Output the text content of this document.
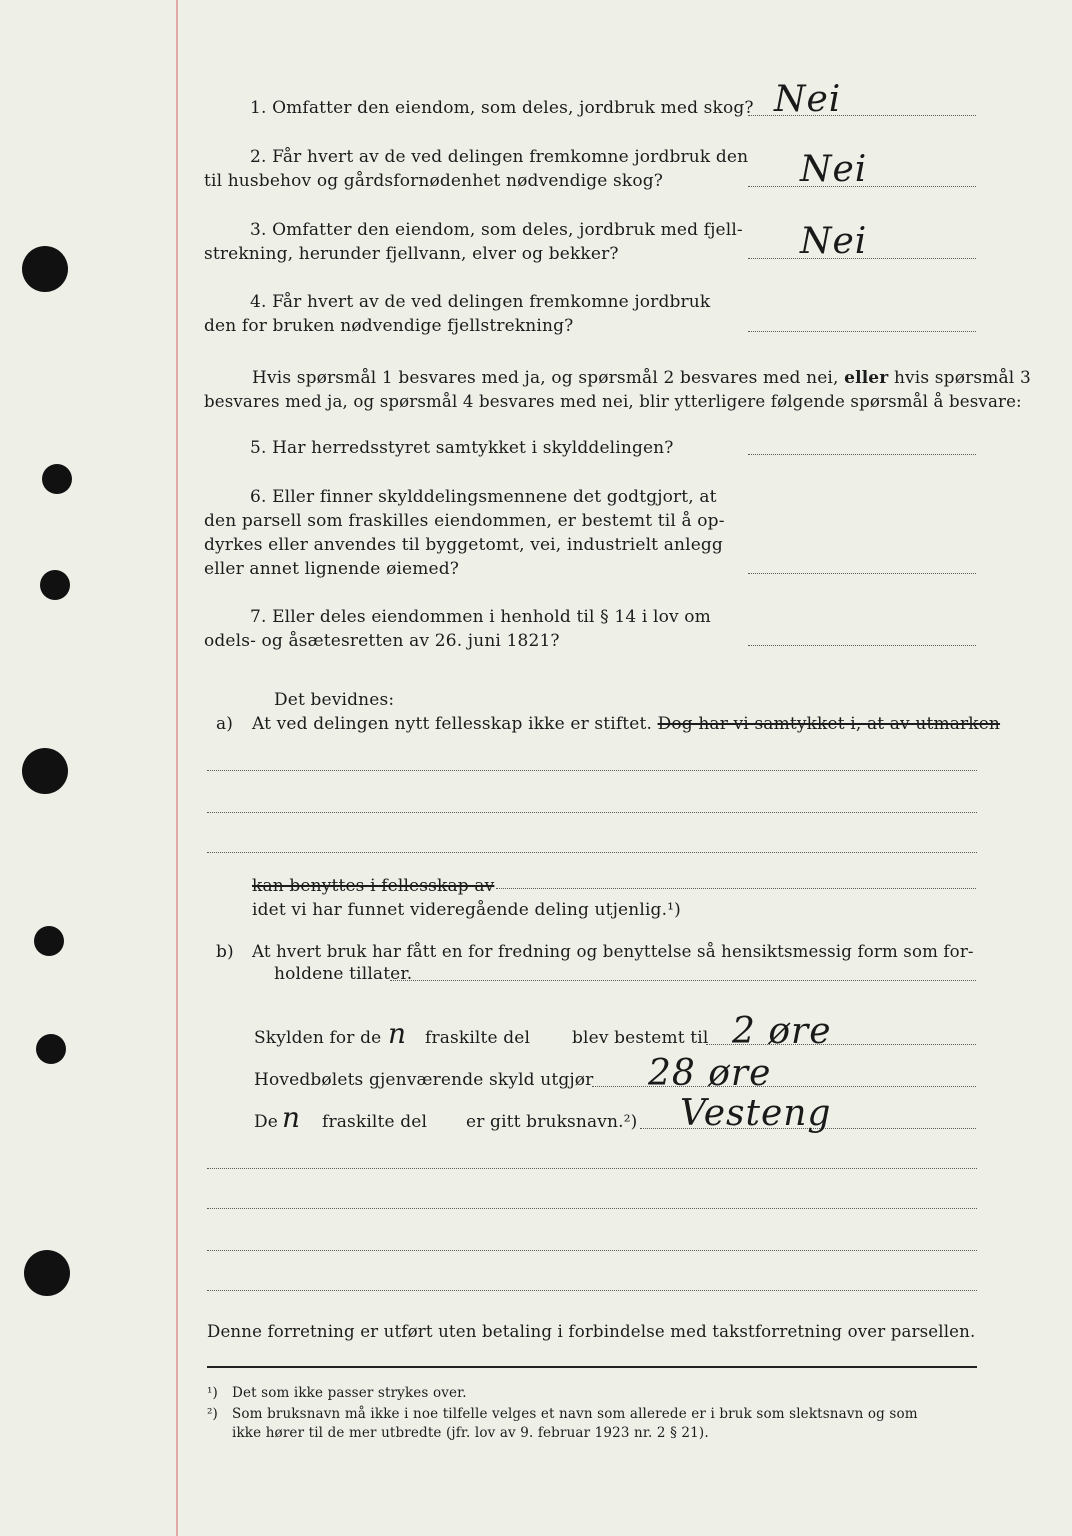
1. Omfatter den eiendom, som deles, jordbruk med skog? Nei
2. Får hvert av de ved delingen fremkomne jordbruk den
til husbehov og gårdsfornødenhet nødvendige skog?	Nei
3. Omfatter den eiendom, som deles, jordbruk med fjell-
strekning, herunder fjellvann, elver og bekker?	Nei
4. Får hvert av de ved delingen fremkomne jordbruk
den for bruken nødvendige fjellstrekning?
Hvis spørsmål 1 besvares med ja, og spørsmål 2 besvares med nei, eller hvis spørsmål 3
besvares med ja, og spørsmål 4 besvares med nei, blir ytterligere følgende spørsmål å besvare:
5. Har herredsstyret samtykket i skylddelingen?
6. Eller finner skylddelingsmennene det godtgjort, at
den parsell som fraskilles eiendommen, er bestemt til å op-
dyrkes eller anvendes til byggetomt, vei, industrielt anlegg
eller annet lignende øiemed?
7. Eller deles eiendommen i henhold til § 14 i lov om
odels- og åsætesretten av 26. juni 1821?
Det bevidnes:
a) At ved delingen nytt fellesskap ikke er stiftet. Dog har vi samtykket i, at av utmarken
kan benyttes i fellesskap av
idet vi har funnet videregående deling utjenlig.¹)
b) At hvert bruk har fått en for fredning og benyttelse så hensiktsmessig form som for-
holdene tillater.
Skylden for de n fraskilte del blev bestemt til 2 øre
Hovedbølets gjenværende skyld utgjør 28 øre
De n fraskilte del er gitt bruksnavn.²) Vesteng
Denne forretning er utført uten betaling i forbindelse med takstforretning over parsellen.
¹) Det som ikke passer strykes over.
²) Som bruksnavn må ikke i noe tilfelle velges et navn som allerede er i bruk som slektsnavn og som
ikke hører til de mer utbredte (jfr. lov av 9. februar 1923 nr. 2 § 21).
